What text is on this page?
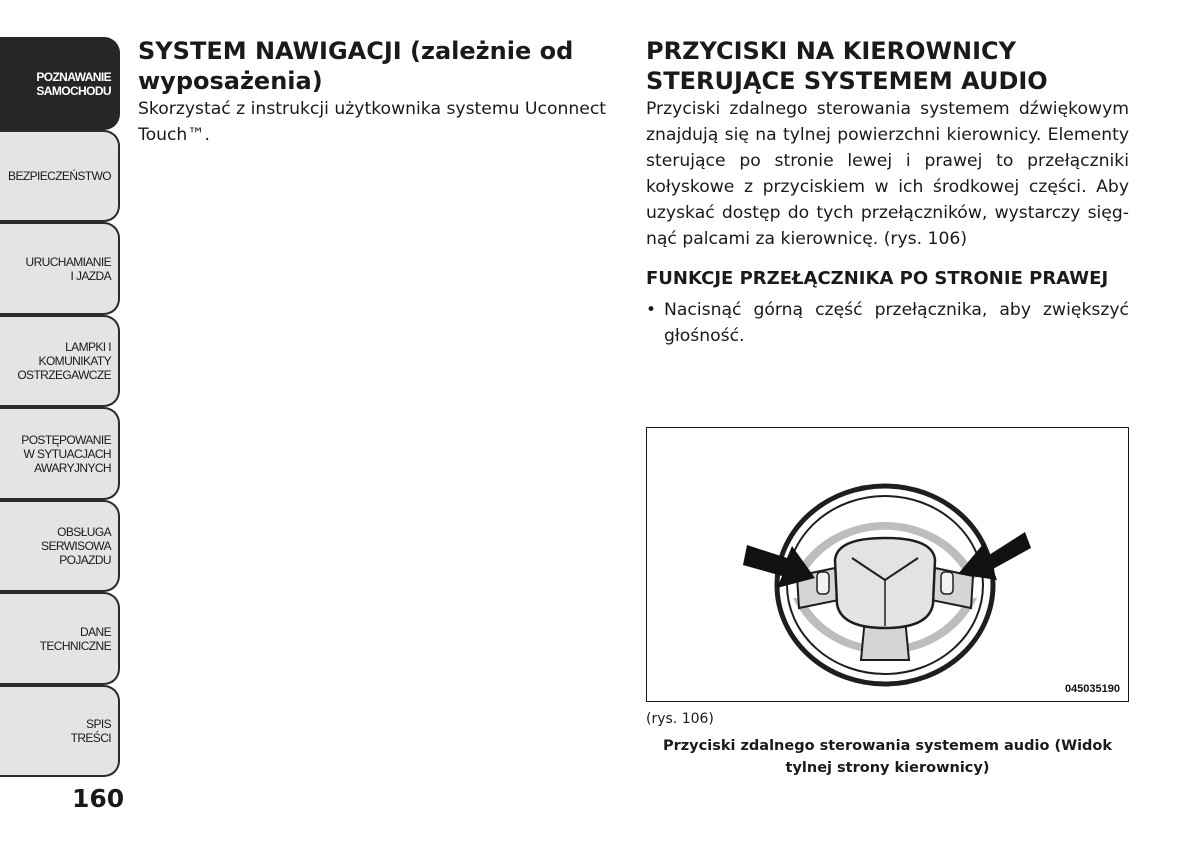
POZNAWANIE
SAMOCHODU
BEZPIECZEŃSTWO
URUCHAMIANIE
I JAZDA
LAMPKI I
KOMUNIKATY
OSTRZEGAWCZE
POSTĘPOWANIE
W SYTUACJACH
AWARYJNYCH
OBSŁUGA
SERWISOWA
POJAZDU
DANE
TECHNICZNE
SPIS
TREŚCI
160
SYSTEM NAWIGACJI (zależnie od wyposażenia)

Skorzystać z instrukcji użytkownika systemu Uconnect Touch™.

PRZYCISKI NA KIEROWNICY STERUJĄCE SYSTEMEM AUDIO

Przyciski zdalnego sterowania systemem dźwiękowym znajdują się na tylnej powierzchni kierownicy. Elementy sterujące po stronie lewej i prawej to przełączniki kołyskowe z przyciskiem w ich środkowej części. Aby uzyskać dostęp do tych przełączników, wystarczy sięg-nąć palcami za kierownicę. (rys. 106)

FUNKCJE PRZEŁĄCZNIKA PO STRONIE PRAWEJ
• Nacisnąć górną część przełącznika, aby zwiększyć głośność.

045035190
(rys. 106)
Przyciski zdalnego sterowania systemem audio (Widok tylnej strony kierownicy)
